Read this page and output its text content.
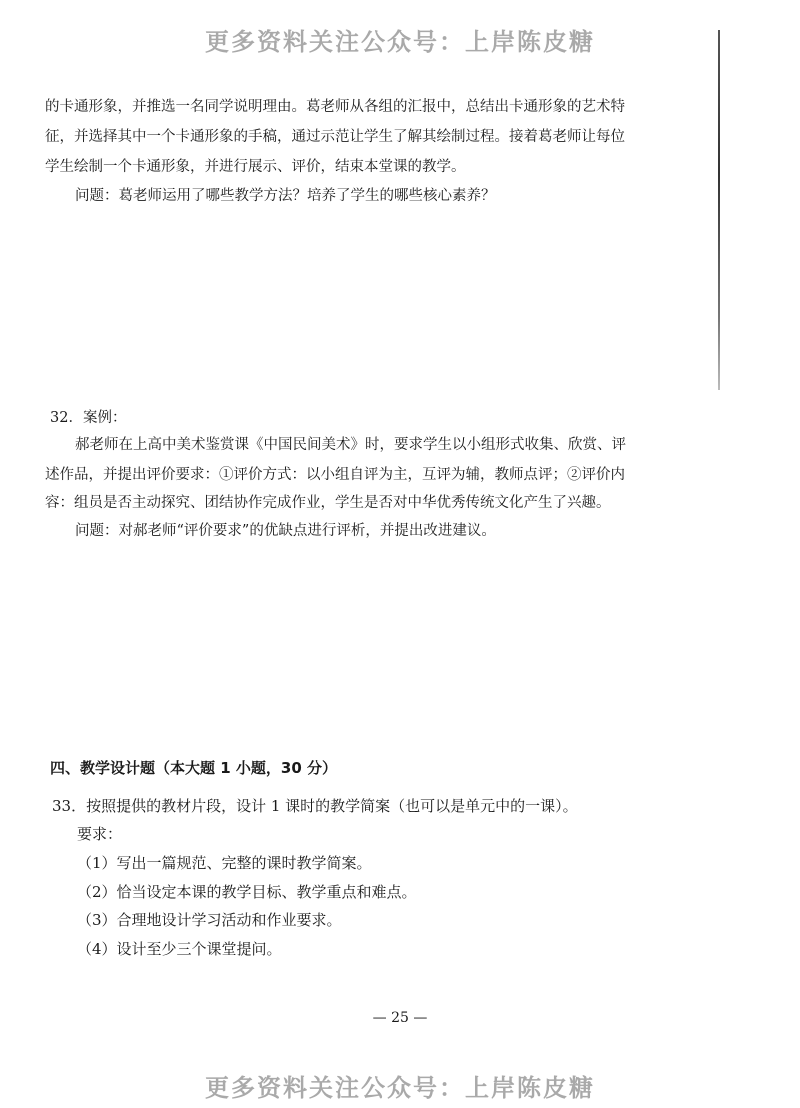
更多资料关注公众号：上岸陈皮糖
的卡通形象，并推选一名同学说明理由。葛老师从各组的汇报中，总结出卡通形象的艺术特
征，并选择其中一个卡通形象的手稿，通过示范让学生了解其绘制过程。接着葛老师让每位
学生绘制一个卡通形象，并进行展示、评价，结束本堂课的教学。
问题：葛老师运用了哪些教学方法？培养了学生的哪些核心素养？
32．案例：
郝老师在上高中美术鉴赏课《中国民间美术》时，要求学生以小组形式收集、欣赏、评
述作品，并提出评价要求：①评价方式：以小组自评为主，互评为辅，教师点评；②评价内
容：组员是否主动探究、团结协作完成作业，学生是否对中华优秀传统文化产生了兴趣。
问题：对郝老师“评价要求”的优缺点进行评析，并提出改进建议。
四、教学设计题（本大题 1 小题，30 分）
33．按照提供的教材片段，设计 1 课时的教学简案（也可以是单元中的一课）。
要求：
（1）写出一篇规范、完整的课时教学简案。
（2）恰当设定本课的教学目标、教学重点和难点。
（3）合理地设计学习活动和作业要求。
（4）设计至少三个课堂提问。
— 25 —
更多资料关注公众号：上岸陈皮糖
